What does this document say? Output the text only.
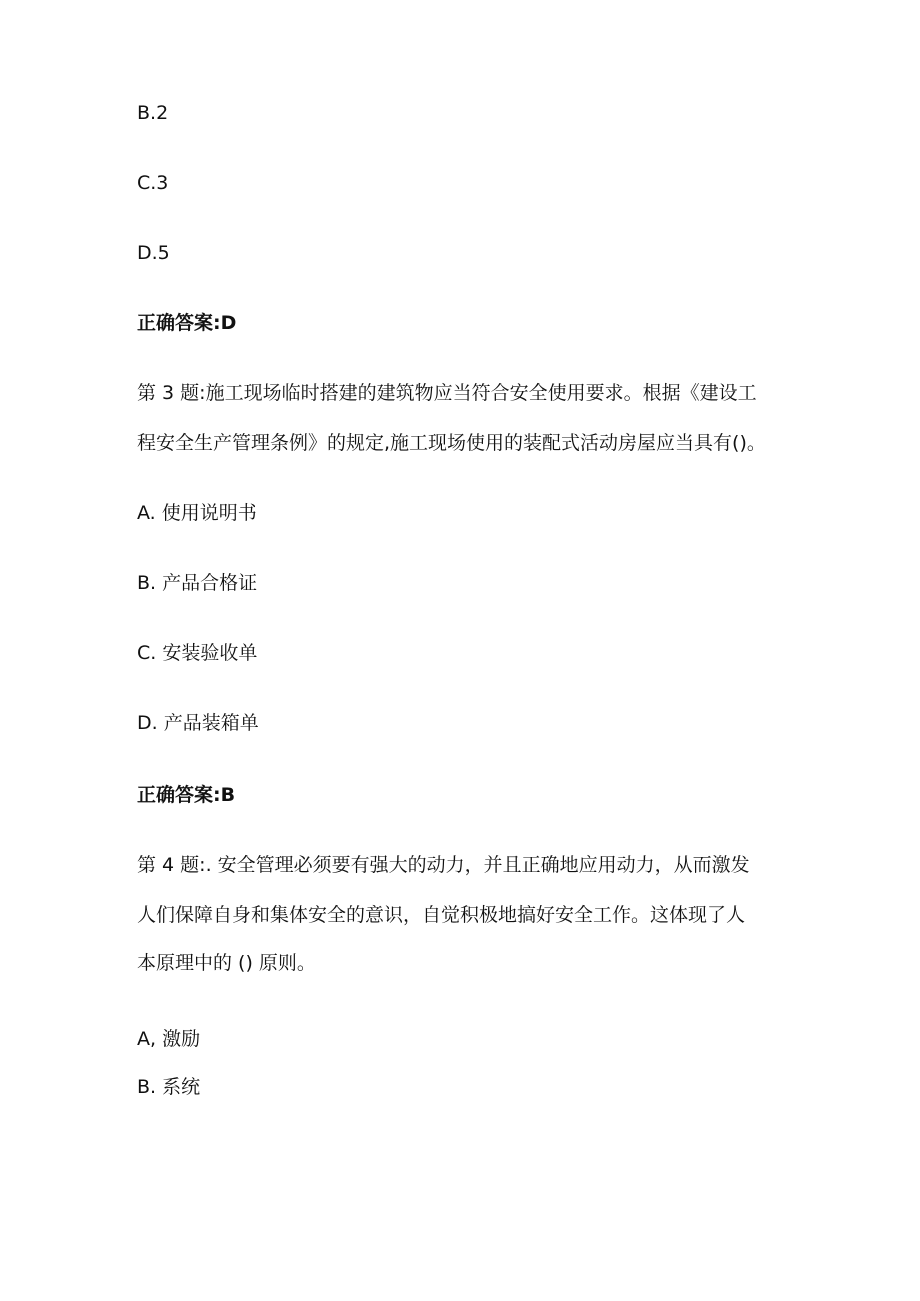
B.2
C.3
D.5
正确答案:D
第 3 题:施工现场临时搭建的建筑物应当符合安全使用要求。根据《建设工
程安全生产管理条例》的规定,施工现场使用的装配式活动房屋应当具有()。
A. 使用说明书
B. 产品合格证
C. 安装验收单
D. 产品装箱单
正确答案:B
第 4 题:. 安全管理必须要有强大的动力，并且正确地应用动力，从而激发
人们保障自身和集体安全的意识，自觉积极地搞好安全工作。这体现了人
本原理中的 () 原则。
A, 激励
B. 系统
